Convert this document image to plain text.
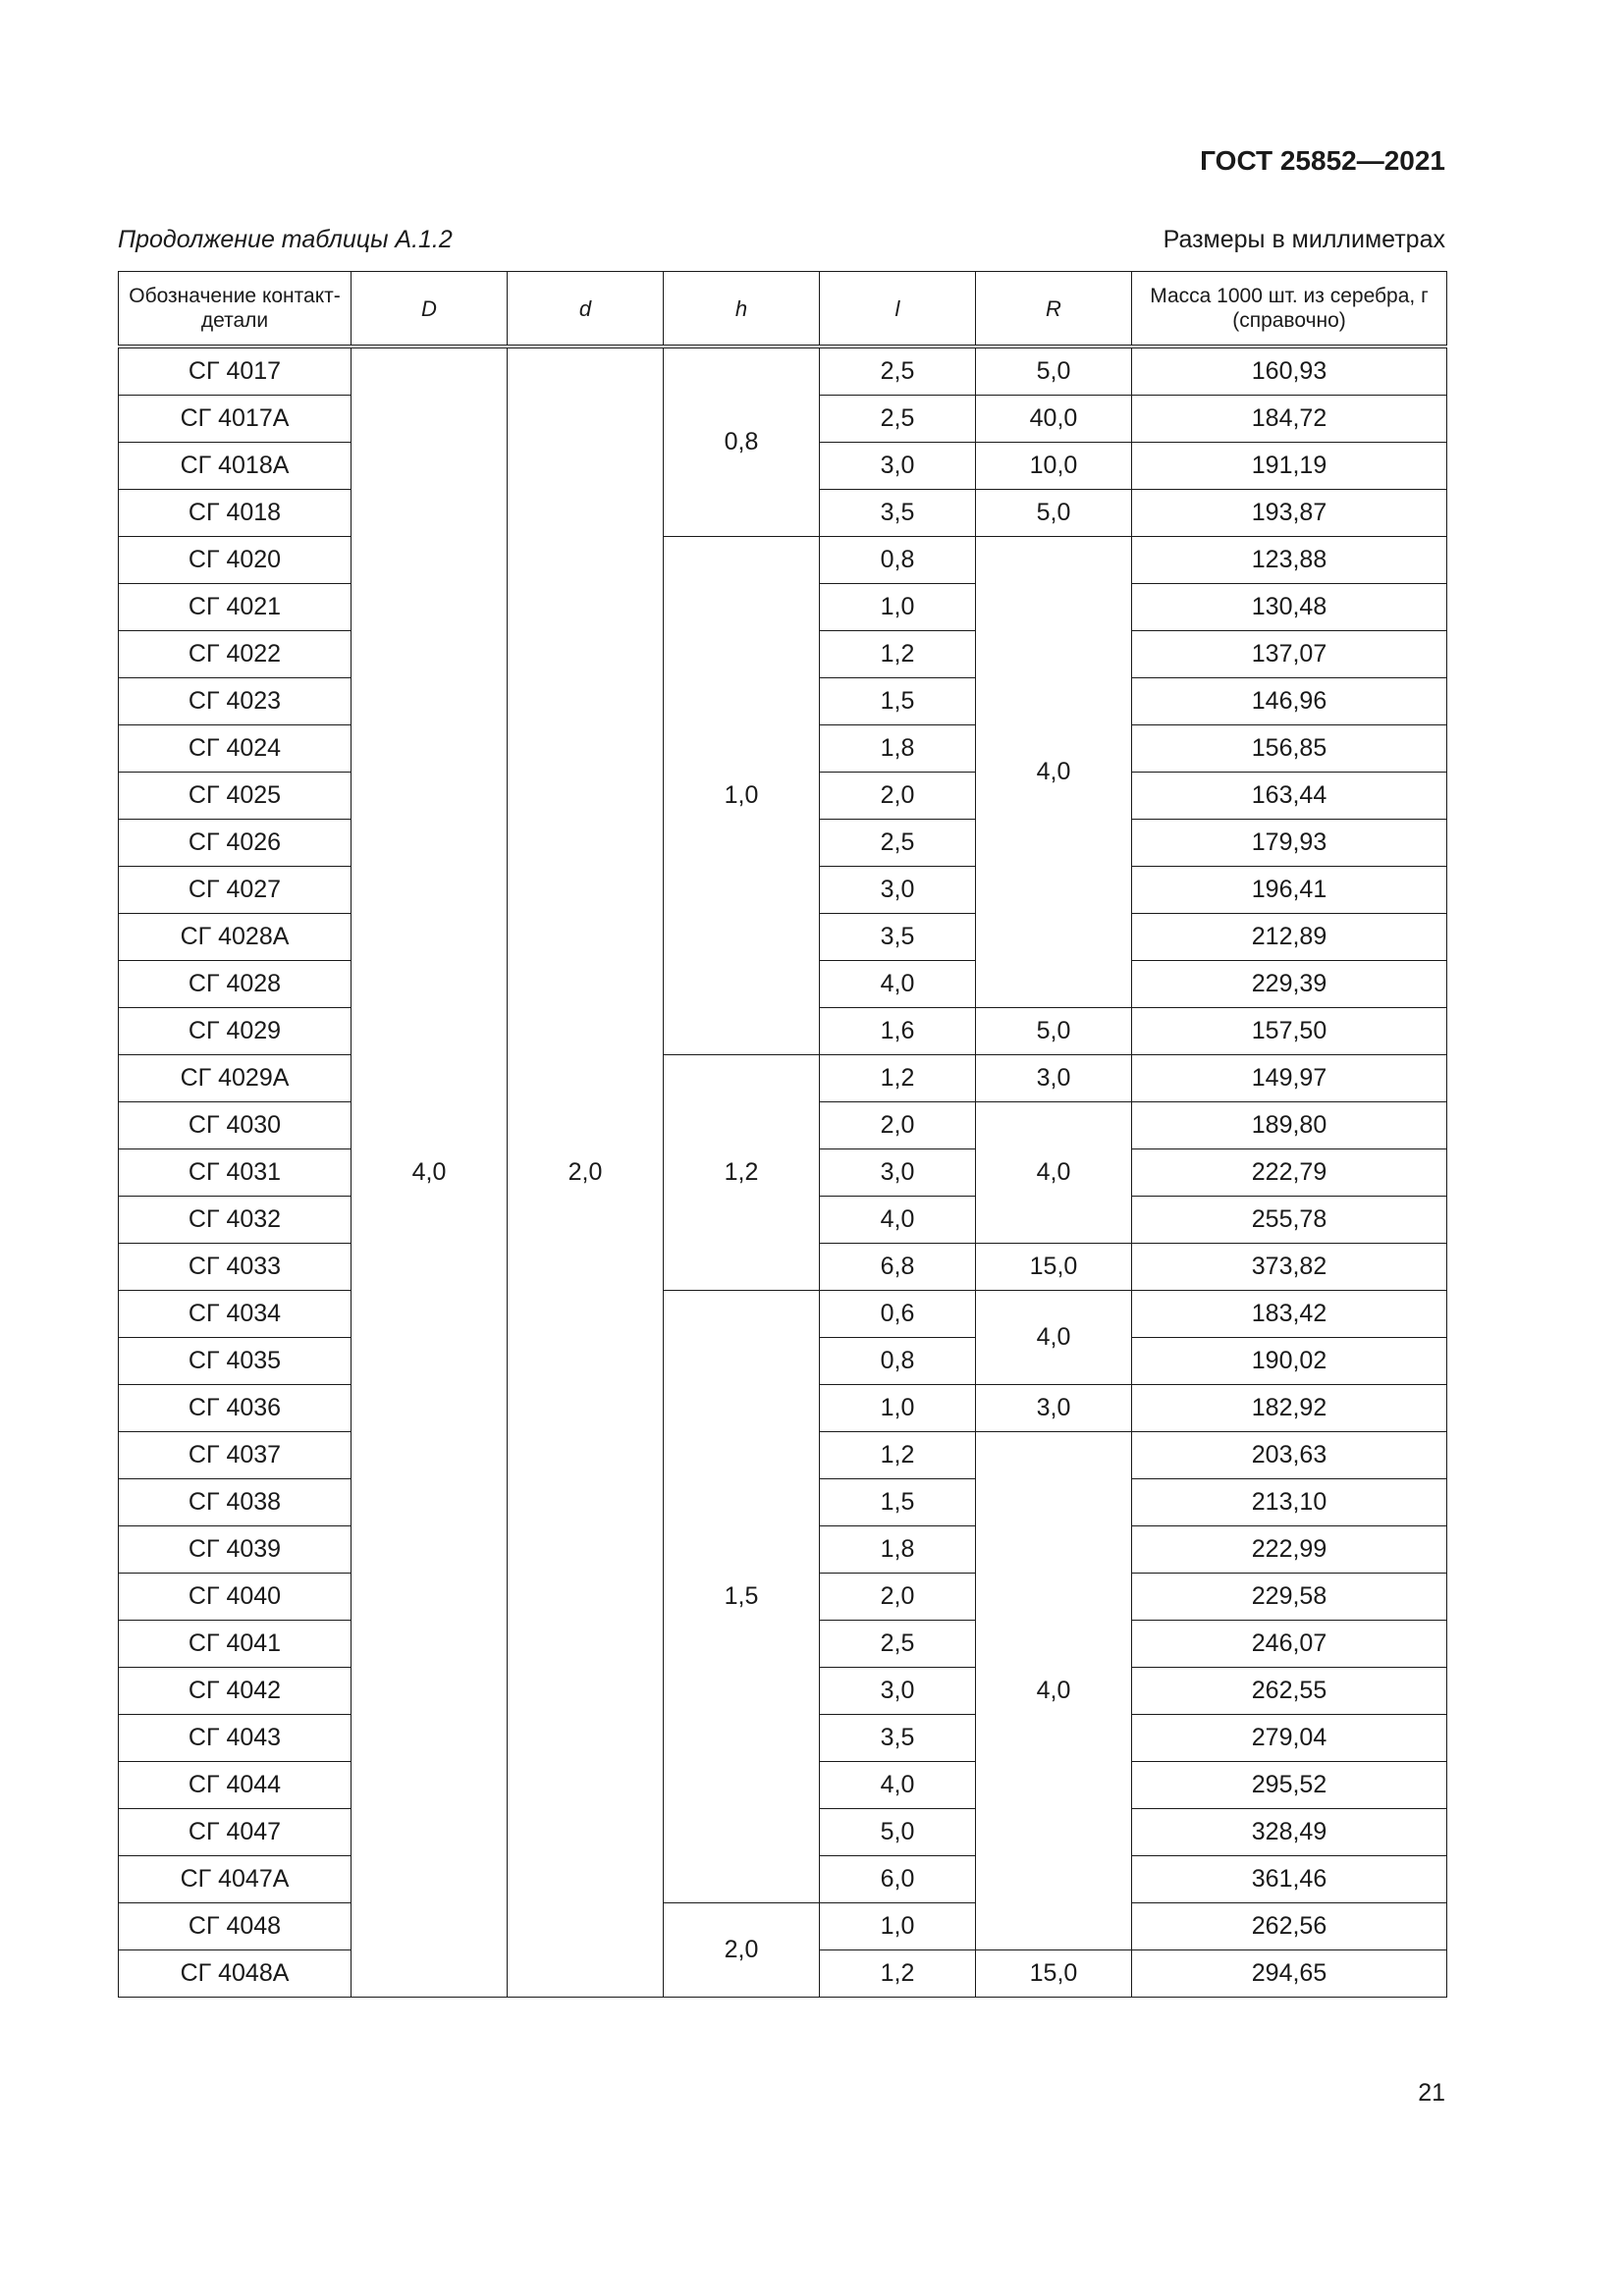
ГОСТ 25852—2021
Продолжение таблицы А.1.2	Размеры в миллиметрах
Обозначение контакт-детали	D	d	h	l	R	Масса 1000 шт. из серебра, г (справочно)
СГ 4017	4,0	2,0	0,8	2,5	5,0	160,93
СГ 4017А				2,5	40,0	184,72
СГ 4018А				3,0	10,0	191,19
СГ 4018				3,5	5,0	193,87
СГ 4020			1,0	0,8	4,0	123,88
СГ 4021				1,0		130,48
СГ 4022				1,2		137,07
СГ 4023				1,5		146,96
СГ 4024				1,8		156,85
СГ 4025				2,0		163,44
СГ 4026				2,5		179,93
СГ 4027				3,0		196,41
СГ 4028А				3,5		212,89
СГ 4028				4,0		229,39
СГ 4029				1,6	5,0	157,50
СГ 4029А			1,2	1,2	3,0	149,97
СГ 4030				2,0	4,0	189,80
СГ 4031				3,0		222,79
СГ 4032				4,0		255,78
СГ 4033				6,8	15,0	373,82
СГ 4034			1,5	0,6	4,0	183,42
СГ 4035				0,8		190,02
СГ 4036				1,0	3,0	182,92
СГ 4037				1,2	4,0	203,63
СГ 4038				1,5		213,10
СГ 4039				1,8		222,99
СГ 4040				2,0		229,58
СГ 4041				2,5		246,07
СГ 4042				3,0		262,55
СГ 4043				3,5		279,04
СГ 4044				4,0		295,52
СГ 4047				5,0		328,49
СГ 4047А				6,0		361,46
СГ 4048			2,0	1,0		262,56
СГ 4048А				1,2	15,0	294,65
21
